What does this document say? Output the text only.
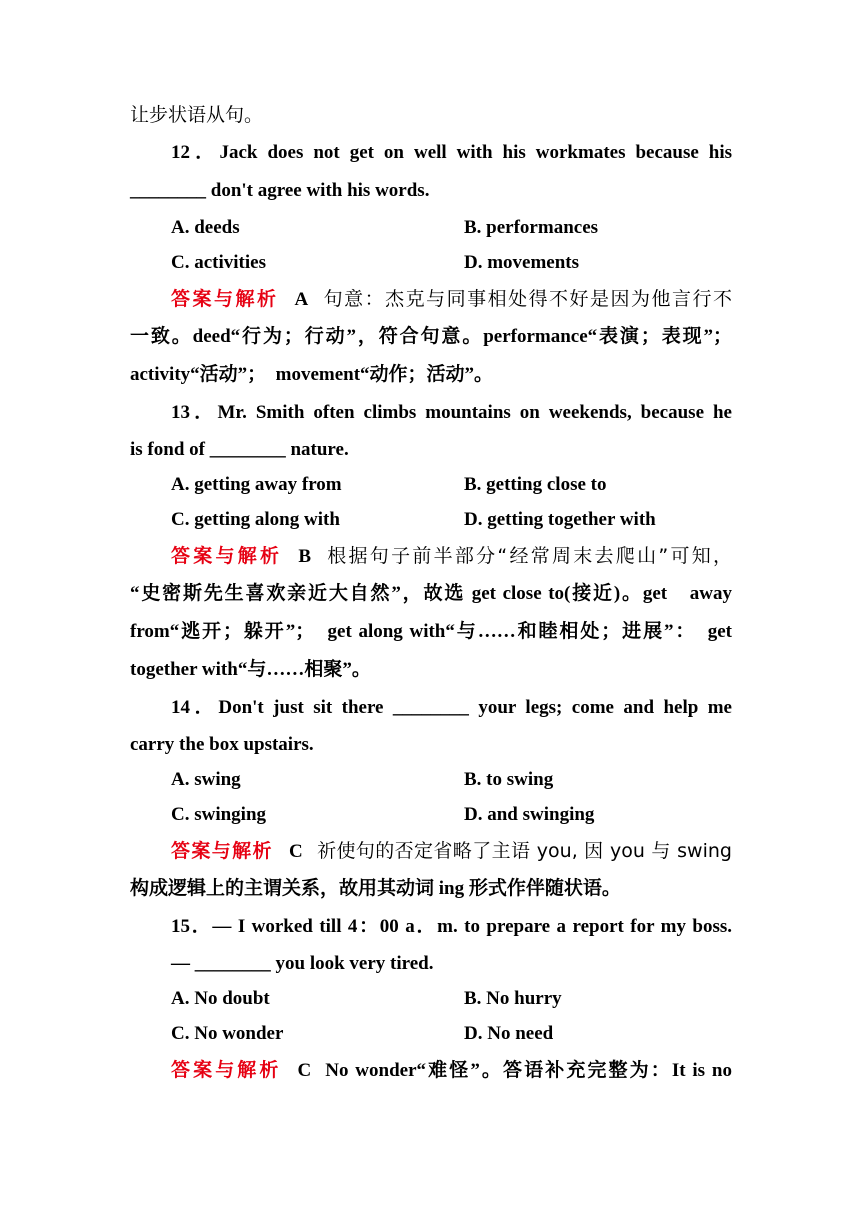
让步状语从句。
12．Jack does not get on well with his workmates because his
________ don't agree with his words.
A. deeds	B. performances
C. activities	D. movements
答案与解析 A 句意：杰克与同事相处得不好是因为他言行不
一致。deed“行为；行动”，符合句意。performance“表演；表现”；
activity“活动”；　movement“动作；活动”。
13．Mr. Smith often climbs mountains on weekends, because he
is fond of ________ nature.
A. getting away from	B. getting close to
C. getting along with	D. getting together with
答案与解析 B 根据句子前半部分“经常周末去爬山”可知，
“史密斯先生喜欢亲近大自然”，故选 get close to(接近)。get　away
from“逃开；躲开”；　get along with“与……和睦相处；进展”：　get
together with“与……相聚”。
14．Don't just sit there ________ your legs; come and help me
carry the box upstairs.
A. swing	B. to swing
C. swinging	D. and swinging
答案与解析 C 祈使句的否定省略了主语 you, 因 you 与 swing
构成逻辑上的主谓关系，故用其动词 ing 形式作伴随状语。
15．— I worked till 4：00 a．m. to prepare a report for my boss.
— ________ you look very tired.
A. No doubt	B. No hurry
C. No wonder	D. No need
答案与解析 C No wonder“难怪”。答语补充完整为：It is no
